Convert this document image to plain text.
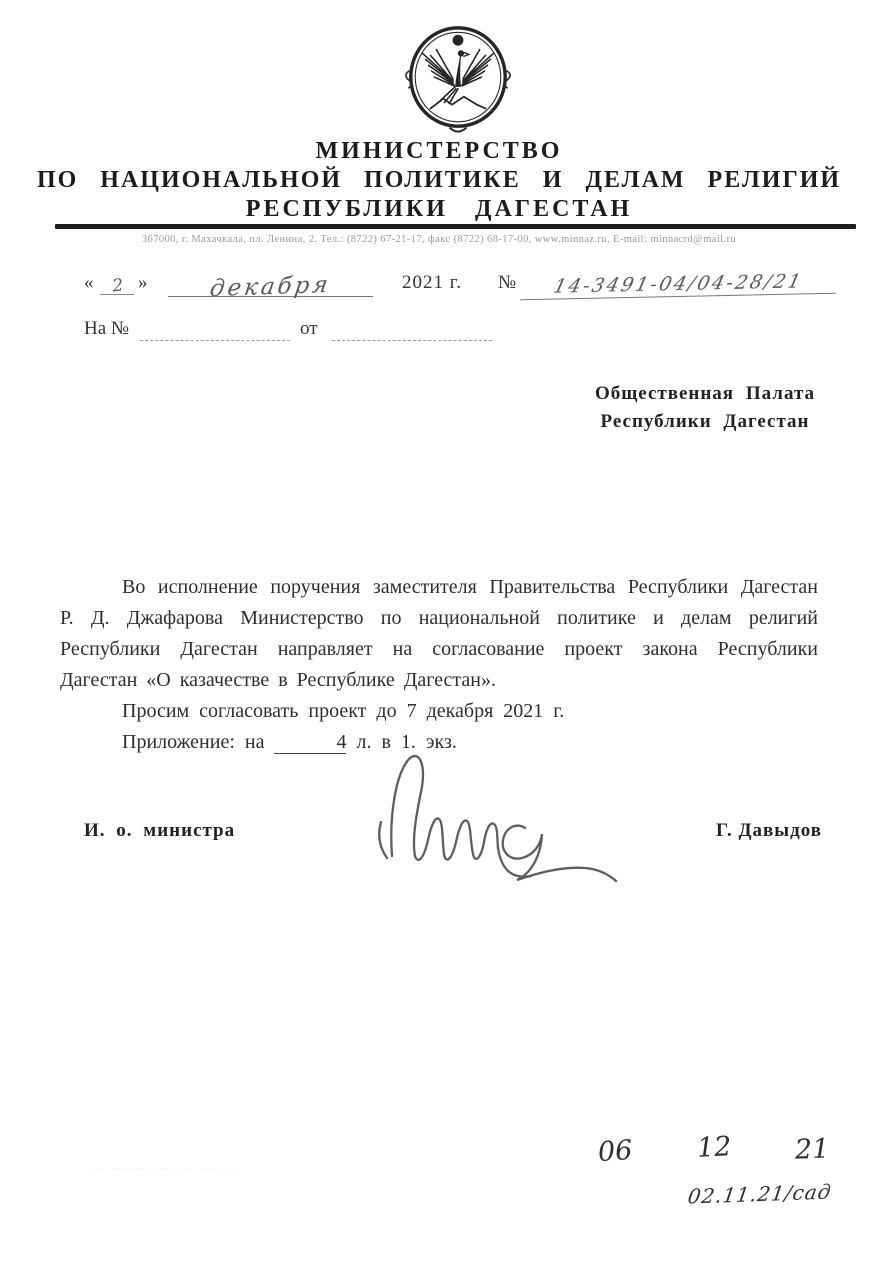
МИНИСТЕРСТВО
ПО НАЦИОНАЛЬНОЙ ПОЛИТИКЕ И ДЕЛАМ РЕЛИГИЙ
РЕСПУБЛИКИ ДАГЕСТАН
367000, г. Махачкала, пл. Ленина, 2. Тел.: (8722) 67-21-17, факс (8722) 68-17-00, www.minnaz.ru, E-mail: minnacrd@mail.ru
« 2 »	декабря	2021 г. №	14-3491-04/04-28/21
На №	от
Общественная Палата
Республики Дагестан

Во исполнение поручения заместителя Правительства Республики Дагестан Р. Д. Джафарова Министерство по национальной политике и делам религий Республики Дагестан направляет на согласование проект закона Республики Дагестан «О казачестве в Республике Дагестан».

Просим согласовать проект до 7 декабря 2021 г.

Приложение: на	4 л. в 1. экз.

И. о. министра	Г. Давыдов
··· ········ ···· ··· ····· ··
06 12 21
02.11.21/сад
